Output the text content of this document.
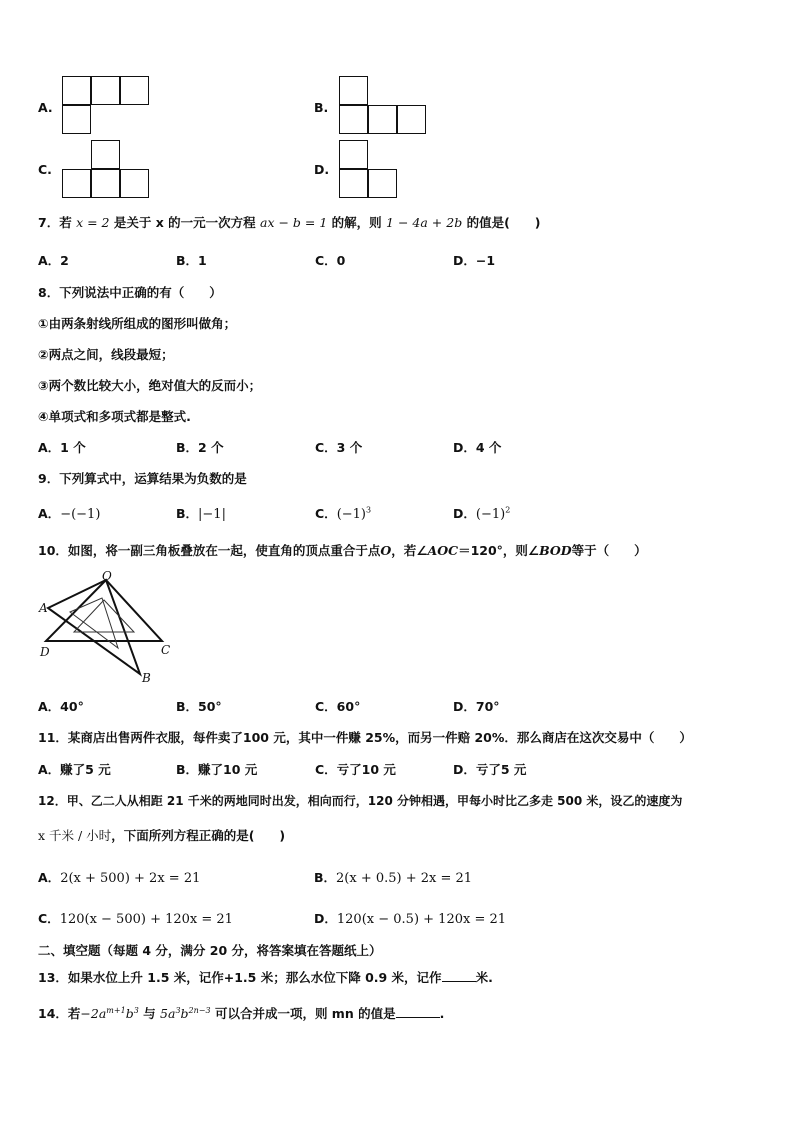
A.	B.
C.	D.
7．若 x = 2 是关于 x 的一元一次方程 ax − b = 1 的解，则 1 − 4a + 2b 的值是(　　)
A．2	B．1	C．0	D．−1
8．下列说法中正确的有（　　）
①由两条射线所组成的图形叫做角；
②两点之间，线段最短；
③两个数比较大小，绝对值大的反而小；
④单项式和多项式都是整式.
A．1 个	B．2 个	C．3 个	D．4 个
9．下列算式中，运算结果为负数的是
A．−(−1)	B．|−1|	C．$(-1)^3$	D．$(-1)^2$
10．如图，将一副三角板叠放在一起，使直角的顶点重合于点O，若∠AOC＝120°，则∠BOD等于（　　）
O
A
D	C
B
A．40°	B．50°	C．60°	D．70°
11．某商店出售两件衣服，每件卖了100 元，其中一件赚 25%，而另一件赔 20%．那么商店在这次交易中（　　）
A．赚了5 元	B．赚了10 元	C．亏了10 元	D．亏了5 元
12．甲、乙二人从相距 21 千米的两地同时出发，相向而行，120 分钟相遇，甲每小时比乙多走 500 米，设乙的速度为
x 千米 / 小时，下面所列方程正确的是(　　)
A．2(x + 500) + 2x = 21	B．2(x + 0.5) + 2x = 21
C．120(x − 500) + 120x = 21	D．120(x − 0.5) + 120x = 21
二、填空题（每题 4 分，满分 20 分，将答案填在答题纸上）
13．如果水位上升 1.5 米，记作+1.5 米；那么水位下降 0.9 米，记作	米.
14．若$-2a^{m+1}b^3$ 与 $5a^3b^{2n-3}$ 可以合并成一项，则 mn 的值是	.
